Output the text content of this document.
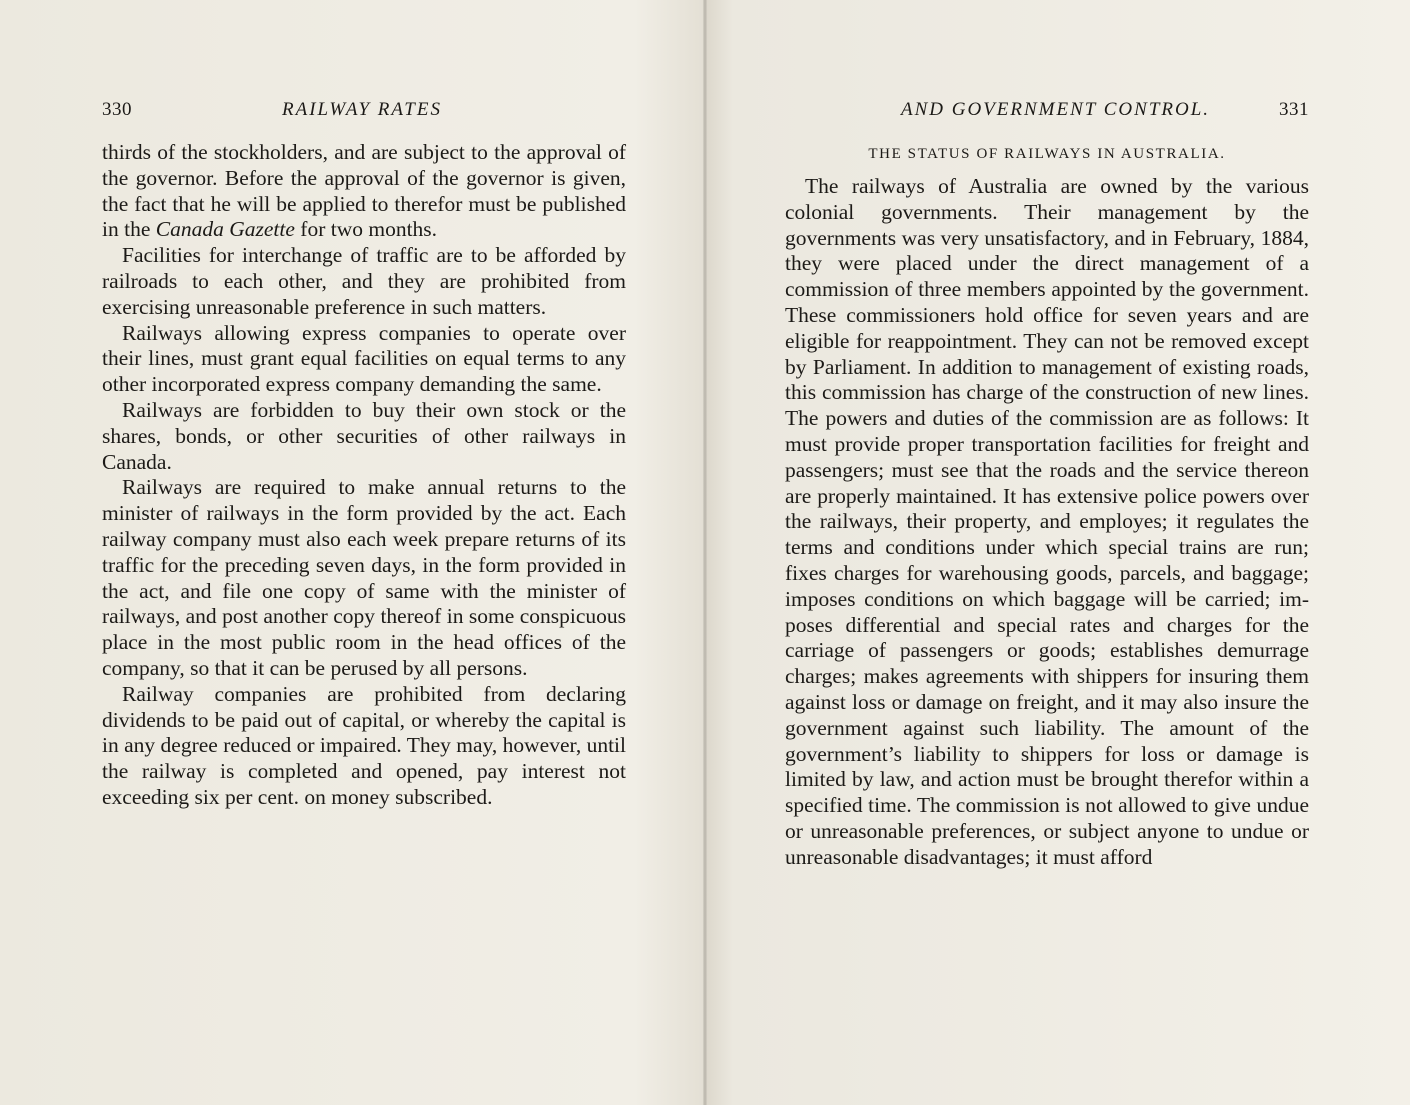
330	RAILWAY RATES

thirds of the stockholders, and are subject to the approval of the governor. Before the approval of the governor is given, the fact that he will be applied to therefor must be published in the Canada Gazette for two months.

Facilities for interchange of traffic are to be afforded by railroads to each other, and they are prohibited from exercising unreasonable preference in such matters.

Railways allowing express companies to operate over their lines, must grant equal facilities on equal terms to any other incorporated express company demanding the same.

Railways are forbidden to buy their own stock or the shares, bonds, or other securities of other railways in Canada.

Railways are required to make annual returns to the minister of railways in the form provided by the act. Each railway company must also each week prepare returns of its traffic for the preceding seven days, in the form provided in the act, and file one copy of same with the minister of railways, and post another copy thereof in some conspicuous place in the most public room in the head offices of the company, so that it can be perused by all persons.

Railway companies are prohibited from declaring dividends to be paid out of capital, or whereby the capital is in any degree reduced or impaired. They may, however, until the railway is completed and opened, pay interest not exceeding six per cent. on money subscribed.

AND GOVERNMENT CONTROL.	331
THE STATUS OF RAILWAYS IN AUSTRALIA.

The railways of Australia are owned by the various colonial governments. Their management by the governments was very unsatisfactory, and in February, 1884, they were placed under the direct management of a commission of three members appointed by the government. These commissioners hold office for seven years and are eligible for reappointment. They can not be removed except by Parliament. In addition to management of existing roads, this commission has charge of the construction of new lines. The powers and duties of the commission are as follows: It must provide proper transportation facilities for freight and passengers; must see that the roads and the service thereon are properly maintained. It has extensive police powers over the railways, their property, and employes; it regulates the terms and conditions under which special trains are run; fixes charges for warehousing goods, parcels, and baggage; imposes conditions on which baggage will be carried; imposes differential and special rates and charges for the carriage of passengers or goods; establishes demurrage charges; makes agreements with shippers for insuring them against loss or damage on freight, and it may also insure the government against such liability. The amount of the government’s liability to shippers for loss or damage is limited by law, and action must be brought therefor within a specified time. The commission is not allowed to give undue or unreasonable preferences, or subject anyone to undue or unreasonable disadvantages; it must afford
